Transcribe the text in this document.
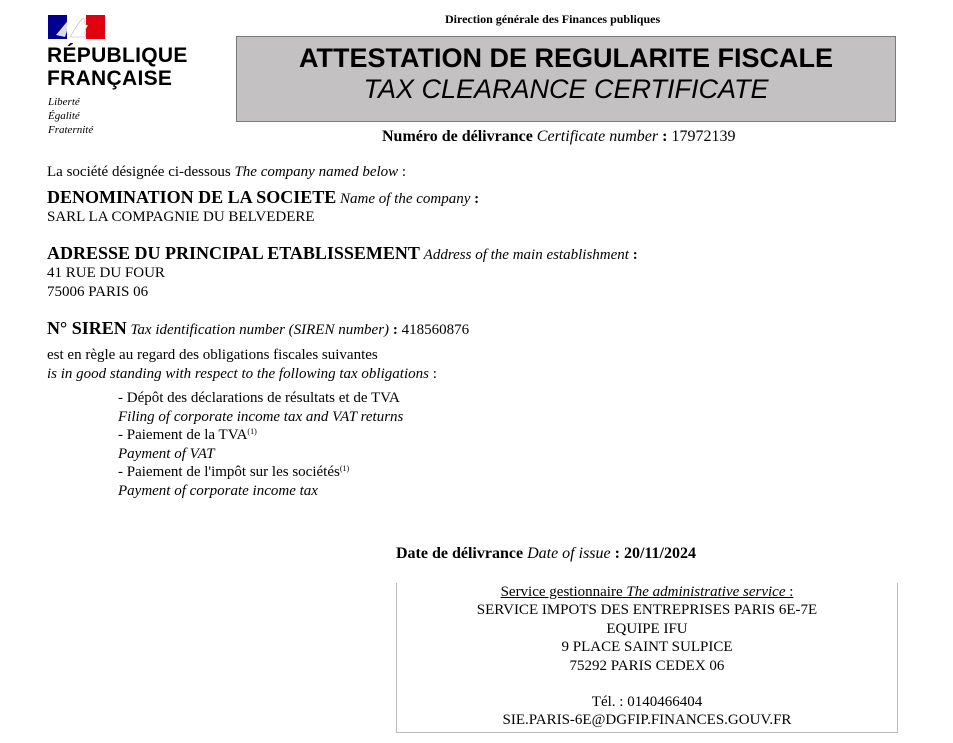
RÉPUBLIQUE
FRANÇAISE
Liberté
Égalité
Fraternité
Direction générale des Finances publiques
ATTESTATION DE REGULARITE FISCALE
TAX CLEARANCE CERTIFICATE
Numéro de délivrance Certificate number : 17972139
La société désignée ci-dessous The company named below :
DENOMINATION DE LA SOCIETE Name of the company :
SARL LA COMPAGNIE DU BELVEDERE
ADRESSE DU PRINCIPAL ETABLISSEMENT Address of the main establishment :
41 RUE DU FOUR
75006 PARIS 06
N° SIREN Tax identification number (SIREN number) : 418560876
est en règle au regard des obligations fiscales suivantes
is in good standing with respect to the following tax obligations :
- Dépôt des déclarations de résultats et de TVA
Filing of corporate income tax and VAT returns
- Paiement de la TVA$^{(1)}$
Payment of VAT
- Paiement de l'impôt sur les sociétés$^{(1)}$
Payment of corporate income tax
Date de délivrance Date of issue : 20/11/2024
Service gestionnaire The administrative service :
SERVICE IMPOTS DES ENTREPRISES PARIS 6E-7E
EQUIPE IFU
9 PLACE SAINT SULPICE
75292 PARIS CEDEX 06
Tél. : 0140466404
SIE.PARIS-6E@DGFIP.FINANCES.GOUV.FR
